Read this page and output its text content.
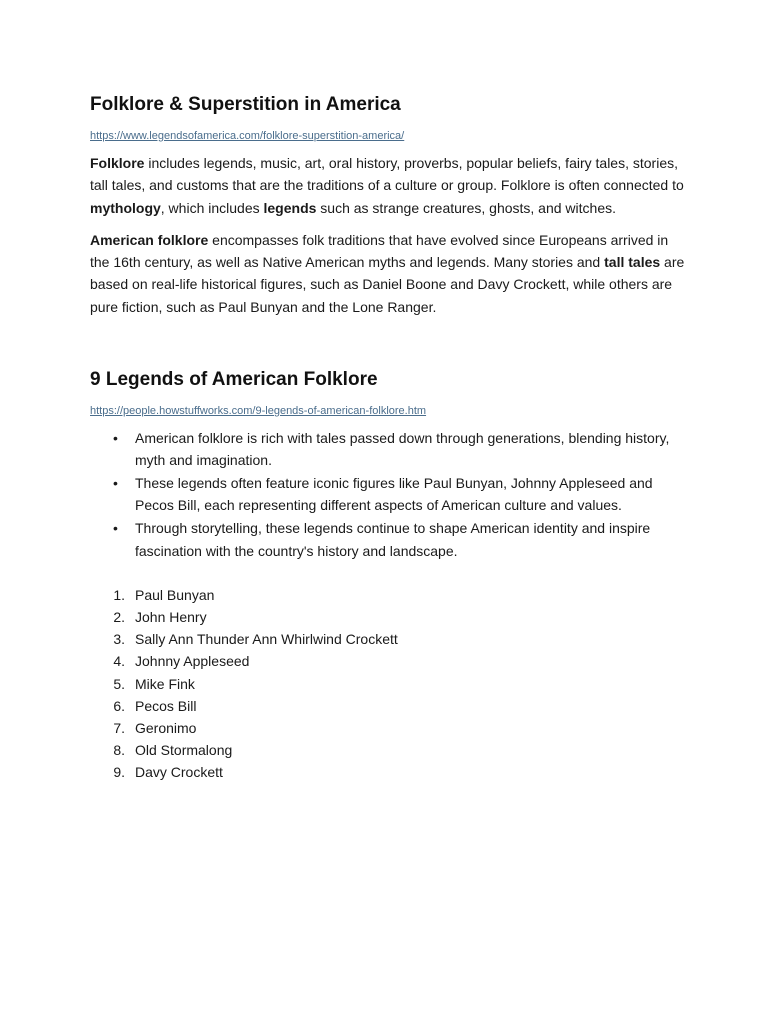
Folklore & Superstition in America
https://www.legendsofamerica.com/folklore-superstition-america/

Folklore includes legends, music, art, oral history, proverbs, popular beliefs, fairy tales, stories, tall tales, and customs that are the traditions of a culture or group. Folklore is often connected to mythology, which includes legends such as strange creatures, ghosts, and witches.

American folklore encompasses folk traditions that have evolved since Europeans arrived in the 16th century, as well as Native American myths and legends. Many stories and tall tales are based on real-life historical figures, such as Daniel Boone and Davy Crockett, while others are pure fiction, such as Paul Bunyan and the Lone Ranger.

9 Legends of American Folklore
https://people.howstuffworks.com/9-legends-of-american-folklore.htm
• American folklore is rich with tales passed down through generations, blending history, myth and imagination.
• These legends often feature iconic figures like Paul Bunyan, Johnny Appleseed and Pecos Bill, each representing different aspects of American culture and values.
• Through storytelling, these legends continue to shape American identity and inspire fascination with the country's history and landscape.
1. Paul Bunyan
2. John Henry
3. Sally Ann Thunder Ann Whirlwind Crockett
4. Johnny Appleseed
5. Mike Fink
6. Pecos Bill
7. Geronimo
8. Old Stormalong
9. Davy Crockett
